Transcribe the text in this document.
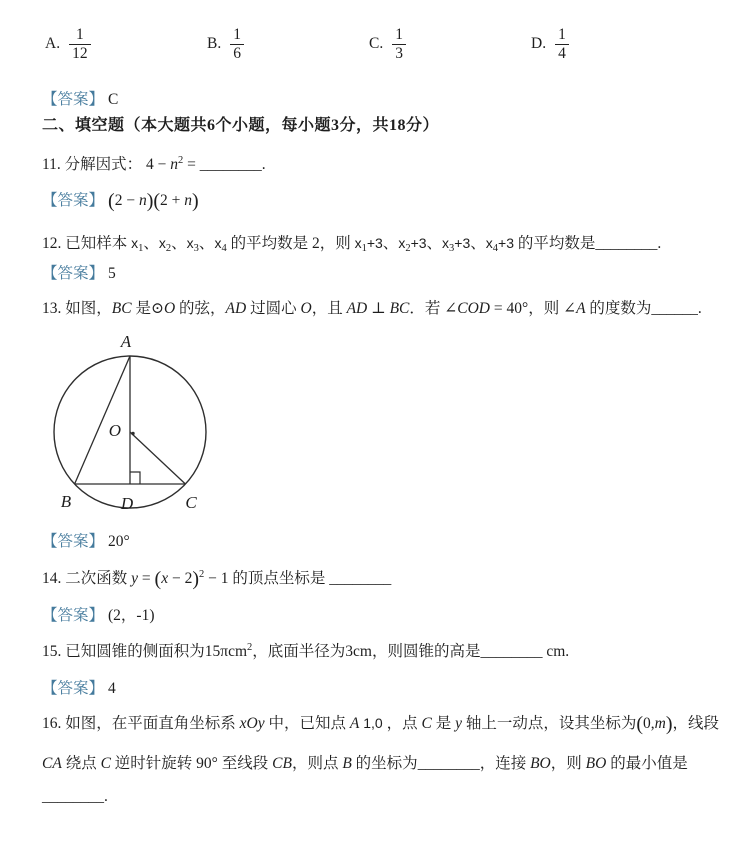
A. $\frac{1}{12}$	B. $\frac{1}{6}$	C. $\frac{1}{3}$	D. $\frac{1}{4}$
【答案】 C
二、填空题（本大题共6个小题，每小题3分，共18分）
11. 分解因式： $4 - n^2$ = ________.
【答案】 (2 − n)(2 + n)
12. 已知样本 x1、x2、x3、x4 的平均数是 2，则 x1+3、x2+3、x3+3、x4+3 的平均数是________.
【答案】 5
13. 如图，BC 是⊙O 的弦，AD 过圆心 O，且 AD ⊥ BC．若 ∠COD = 40°，则 ∠A 的度数为______.
A
O
B	D	C
【答案】 20°
14. 二次函数 $y = (x - 2)^2 - 1$ 的顶点坐标是 ________
【答案】 (2，-1)
15. 已知圆锥的侧面积为15πcm$^2$，底面半径为3cm，则圆锥的高是________ cm.
【答案】 4
16. 如图，在平面直角坐标系 xOy 中，已知点 A 1,0 ，点 C 是 y 轴上一动点，设其坐标为(0,m)，线段
CA 绕点 C 逆时针旋转 90° 至线段 CB，则点 B 的坐标为________，连接 BO，则 BO 的最小值是
________.
